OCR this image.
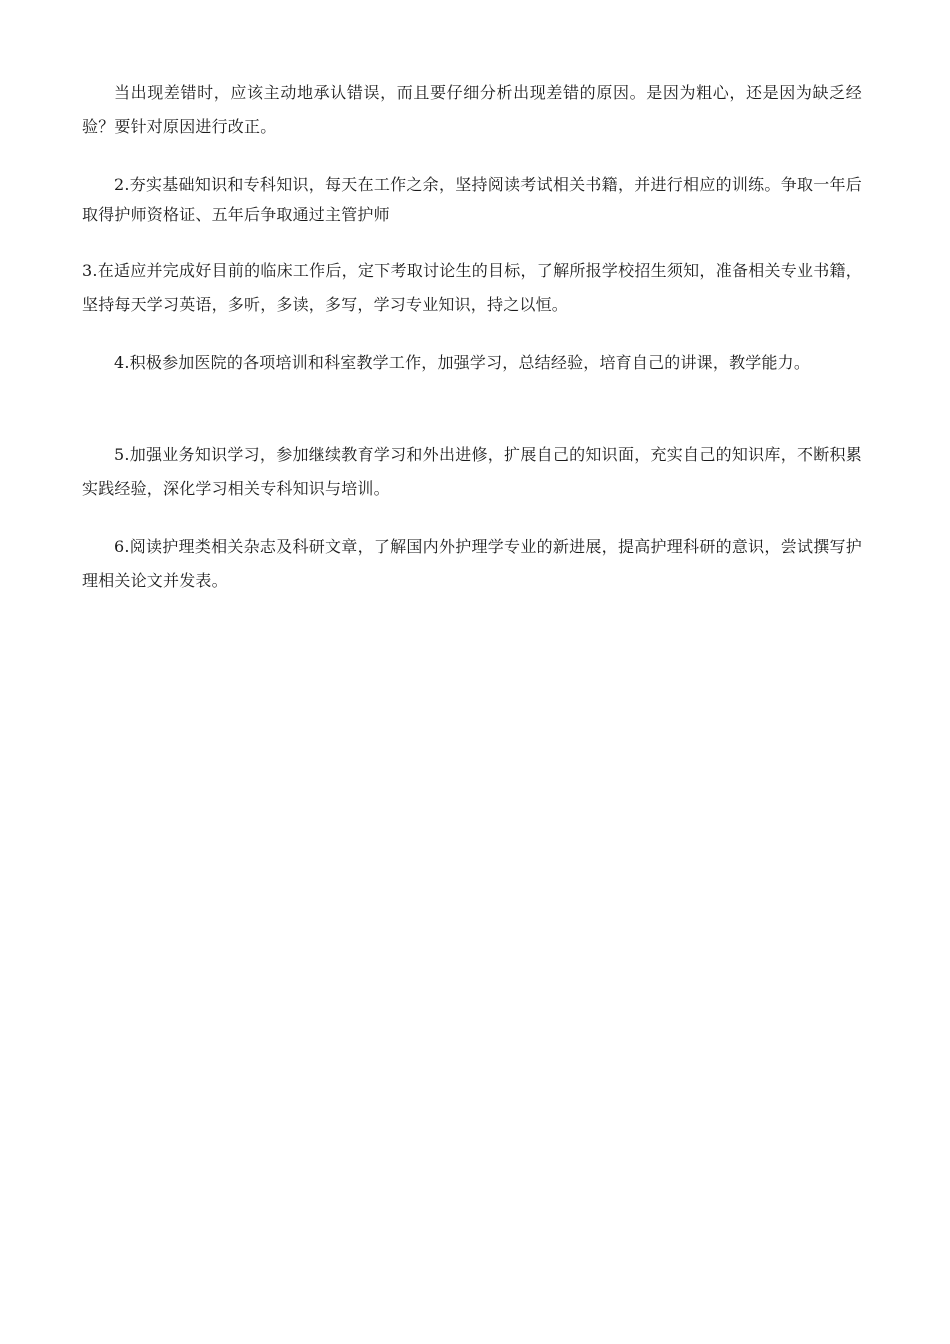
当出现差错时，应该主动地承认错误，而且要仔细分析出现差错的原因。是因为粗心，还是因为缺乏经验？要针对原因进行改正。

2.夯实基础知识和专科知识，每天在工作之余，坚持阅读考试相关书籍，并进行相应的训练。争取一年后取得护师资格证、五年后争取通过主管护师

3.在适应并完成好目前的临床工作后，定下考取讨论生的目标，了解所报学校招生须知，准备相关专业书籍，坚持每天学习英语，多听，多读，多写，学习专业知识，持之以恒。

4.积极参加医院的各项培训和科室教学工作，加强学习，总结经验，培育自己的讲课，教学能力。

5.加强业务知识学习，参加继续教育学习和外出进修，扩展自己的知识面，充实自己的知识库，不断积累实践经验，深化学习相关专科知识与培训。

6.阅读护理类相关杂志及科研文章，了解国内外护理学专业的新进展，提高护理科研的意识，尝试撰写护理相关论文并发表。
